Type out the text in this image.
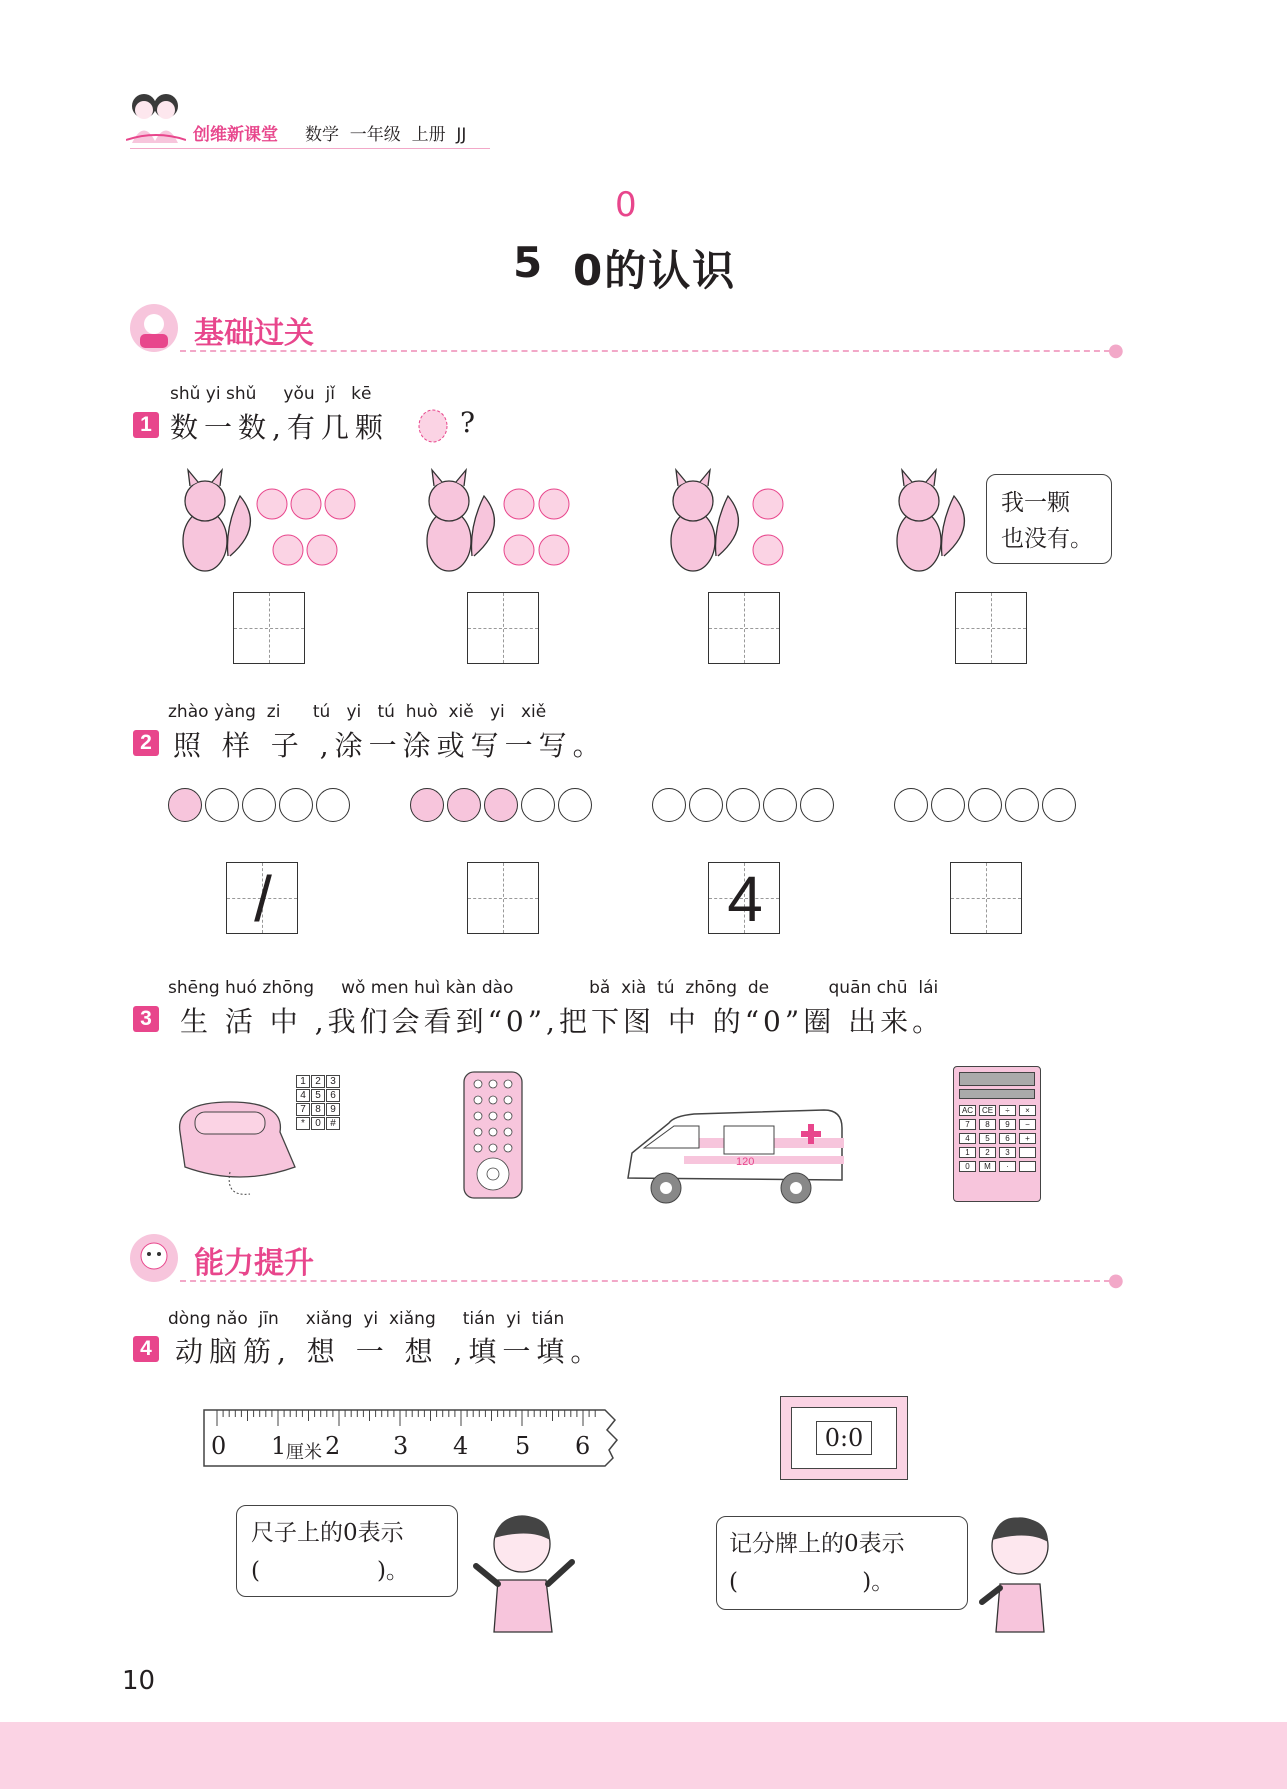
创维新课堂 数学  一年级  上册  JJ
0
5 0的认识
基础过关	●
shǔ yi shǔ     yǒu  jǐ   kē
1 数一数,有几颗	?
我一颗
也没有。
zhào yàng  zi      tú   yi   tú  huò  xiě   yi   xiě
2 照 样 子 ,涂一涂或写一写。
/	4
shēng huó zhōng     wǒ men huì kàn dào              bǎ  xià  tú  zhōng  de           quān chū  lái
3 生 活 中 ,我们会看到“0”,把下图 中 的“0”圈 出来。
1 2 3
4 5 6
7 8 9
*	0 #
120
AC	CE	÷	×
7	8	9	−
4	5	6	+
1	2	3
0	M	·
能力提升	●
dòng nǎo  jīn     xiǎng  yi  xiǎng     tián  yi  tián
4 动脑筋, 想 一 想 ,填一填。
0 1 厘米 2 3 4 5 6	0:0
尺子上的0表示
(                )。
记分牌上的0表示
(                 )。
10
